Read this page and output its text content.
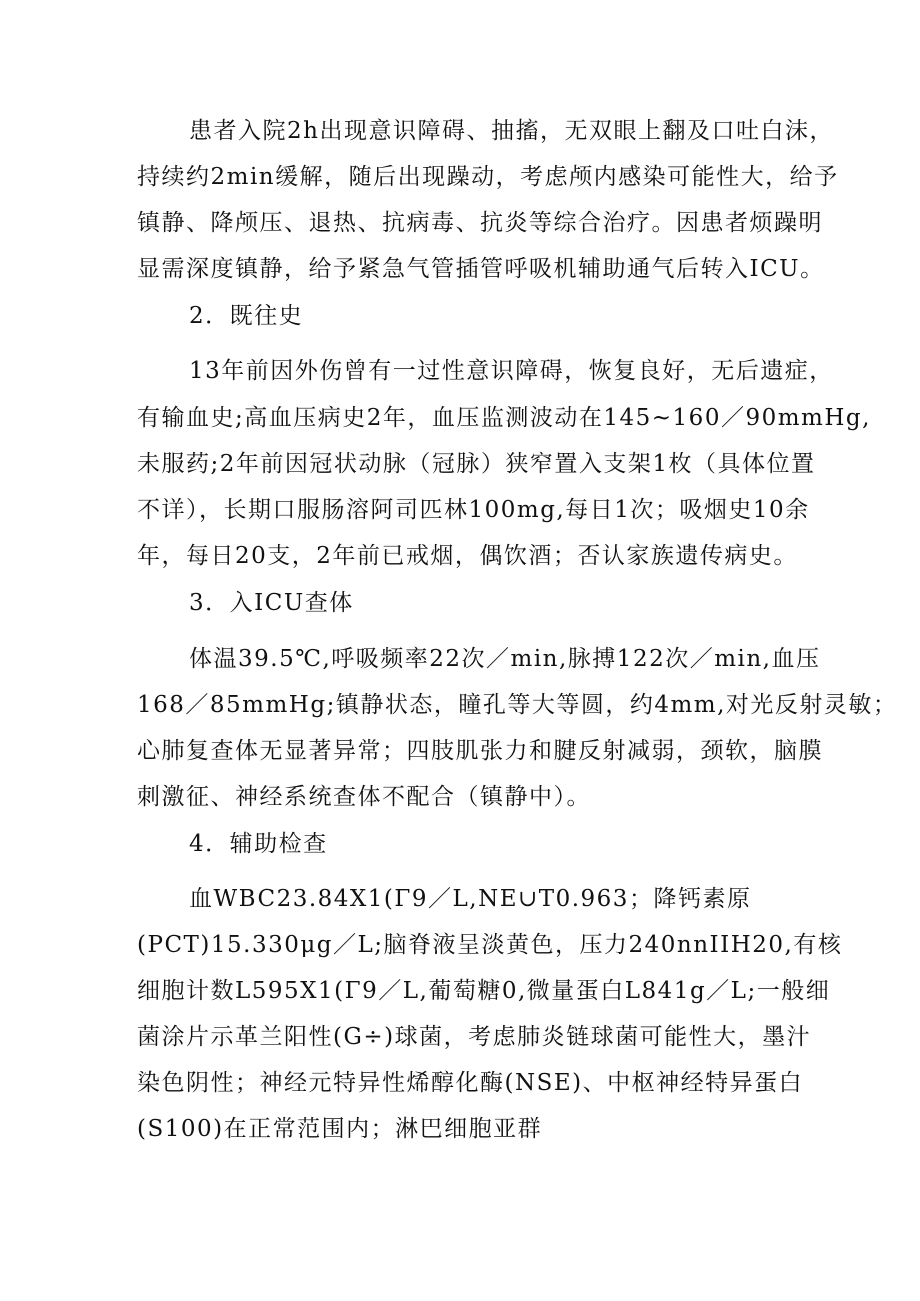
患者入院2h出现意识障碍、抽搐，无双眼上翻及口吐白沫，
持续约2min缓解，随后出现躁动，考虑颅内感染可能性大，给予
镇静、降颅压、退热、抗病毒、抗炎等综合治疗。因患者烦躁明
显需深度镇静，给予紧急气管插管呼吸机辅助通气后转入ICU。
2．既往史
13年前因外伤曾有一过性意识障碍，恢复良好，无后遗症，
有输血史;高血压病史2年，血压监测波动在145~160／90mmHg,
未服药;2年前因冠状动脉（冠脉）狭窄置入支架1枚（具体位置
不详），长期口服肠溶阿司匹林100mg,每日1次；吸烟史10余
年，每日20支，2年前已戒烟，偶饮酒；否认家族遗传病史。
3．入ICU查体
体温39.5℃,呼吸频率22次／min,脉搏122次／min,血压
168／85mmHg;镇静状态，瞳孔等大等圆，约4mm,对光反射灵敏；
心肺复查体无显著异常；四肢肌张力和腱反射减弱，颈软，脑膜
刺激征、神经系统查体不配合（镇静中）。
4．辅助检查
血WBC23.84X1(Γ9／L,NE∪T0.963；降钙素原
(PCT)15.330μg／L;脑脊液呈淡黄色，压力240nnIIH20,有核
细胞计数L595X1(Γ9／L,葡萄糖0,微量蛋白L841g／L;一般细
菌涂片示革兰阳性(G÷)球菌，考虑肺炎链球菌可能性大，墨汁
染色阴性；神经元特异性烯醇化酶(NSE)、中枢神经特异蛋白
(S100)在正常范围内；淋巴细胞亚群
